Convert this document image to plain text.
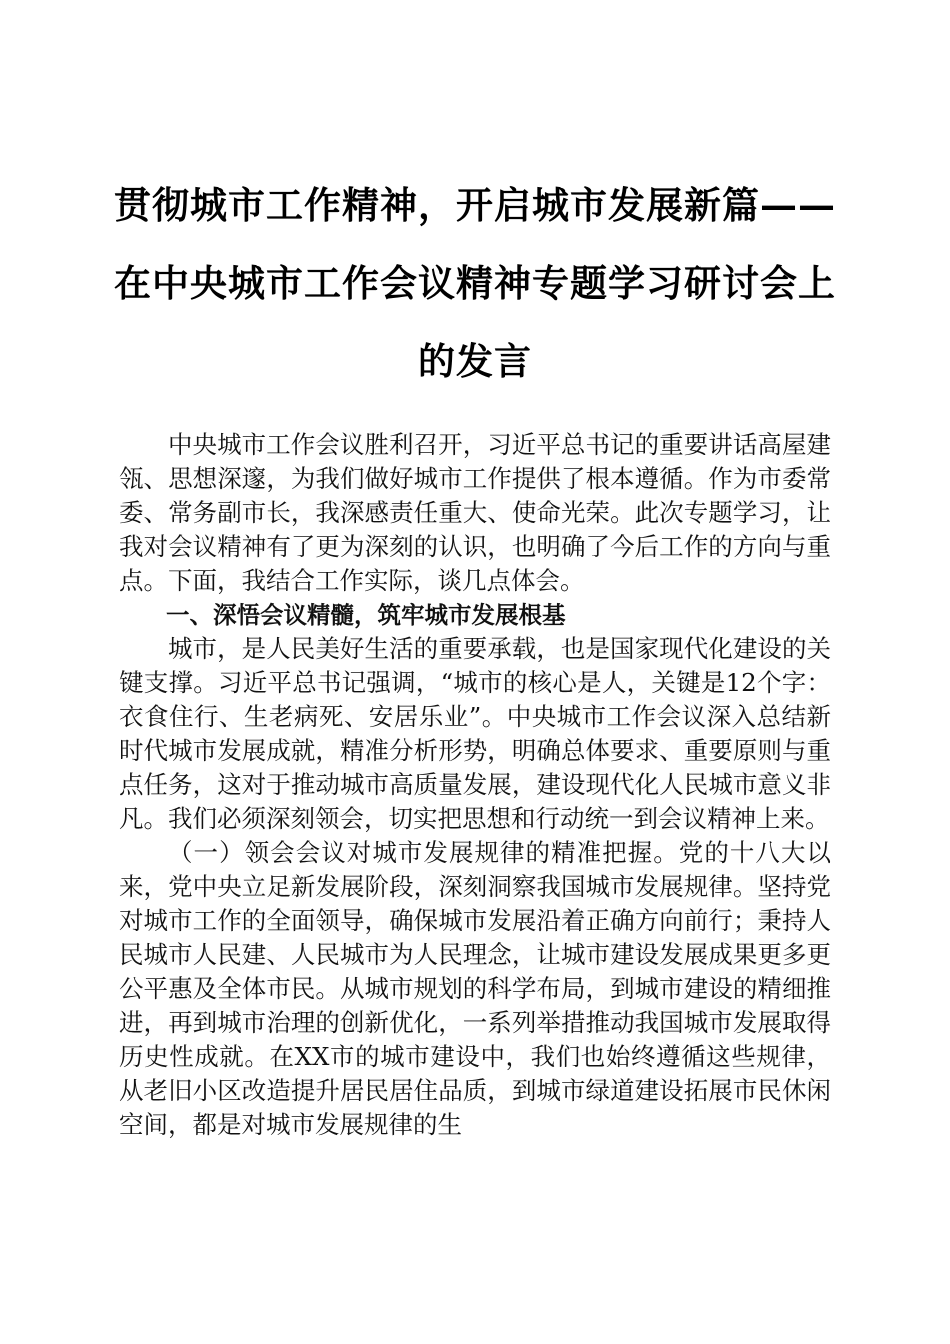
贯彻城市工作精神，开启城市发展新篇——在中央城市工作会议精神专题学习研讨会上的发言

中央城市工作会议胜利召开，习近平总书记的重要讲话高屋建瓴、思想深邃，为我们做好城市工作提供了根本遵循。作为市委常委、常务副市长，我深感责任重大、使命光荣。此次专题学习，让我对会议精神有了更为深刻的认识，也明确了今后工作的方向与重点。下面，我结合工作实际，谈几点体会。

一、深悟会议精髓，筑牢城市发展根基

城市，是人民美好生活的重要承载，也是国家现代化建设的关键支撑。习近平总书记强调，“城市的核心是人，关键是12个字：衣食住行、生老病死、安居乐业”。中央城市工作会议深入总结新时代城市发展成就，精准分析形势，明确总体要求、重要原则与重点任务，这对于推动城市高质量发展，建设现代化人民城市意义非凡。我们必须深刻领会，切实把思想和行动统一到会议精神上来。

（一）领会会议对城市发展规律的精准把握。党的十八大以来，党中央立足新发展阶段，深刻洞察我国城市发展规律。坚持党对城市工作的全面领导，确保城市发展沿着正确方向前行；秉持人民城市人民建、人民城市为人民理念，让城市建设发展成果更多更公平惠及全体市民。从城市规划的科学布局，到城市建设的精细推进，再到城市治理的创新优化，一系列举措推动我国城市发展取得历史性成就。在XX市的城市建设中，我们也始终遵循这些规律，从老旧小区改造提升居民居住品质，到城市绿道建设拓展市民休闲空间，都是对城市发展规律的生
